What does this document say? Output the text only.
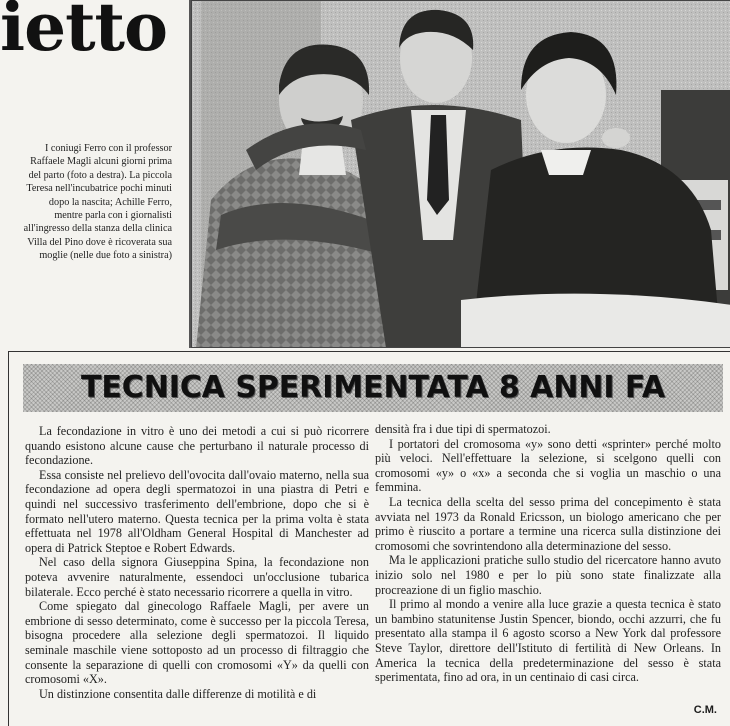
ietto

I coniugi Ferro con il professor Raffaele Magli alcuni giorni prima del parto (foto a destra). La piccola Teresa nell'incubatrice pochi minuti dopo la nascita; Achille Ferro, mentre parla con i giornalisti all'ingresso della stanza della clinica Villa del Pino dove è ricoverata sua moglie (nelle due foto a sinistra)

TECNICA SPERIMENTATA 8 ANNI FA

La fecondazione in vitro è uno dei metodi a cui si può ricorrere quando esistono alcune cause che perturbano il naturale processo di fecondazione.

Essa consiste nel prelievo dell'ovocita dall'ovaio materno, nella sua fecondazione ad opera degli spermatozoi in una piastra di Petri e quindi nel successivo trasferimento dell'embrione, dopo che si è formato nell'utero materno. Questa tecnica per la prima volta è stata effettuata nel 1978 all'Oldham General Hospital di Manchester ad opera di Patrick Steptoe e Robert Edwards.

Nel caso della signora Giuseppina Spina, la fecondazione non poteva avvenire naturalmente, essendoci un'occlusione tubarica bilaterale. Ecco perché è stato necessario ricorrere a quella in vitro.

Come spiegato dal ginecologo Raffaele Magli, per avere un embrione di sesso determinato, come è successo per la piccola Teresa, bisogna procedere alla selezione degli spermatozoi. Il liquido seminale maschile viene sottoposto ad un processo di filtraggio che consente la separazione di quelli con cromosomi «Y» da quelli con cromosomi «X».

Un distinzione consentita dalle differenze di motilità e di

densità fra i due tipi di spermatozoi.

I portatori del cromosoma «y» sono detti «sprinter» perché molto più veloci. Nell'effettuare la selezione, si scelgono quelli con cromosomi «y» o «x» a seconda che si voglia un maschio o una femmina.

La tecnica della scelta del sesso prima del concepimento è stata avviata nel 1973 da Ronald Ericsson, un biologo americano che per primo è riuscito a portare a termine una ricerca sulla distinzione dei cromosomi che sovrintendono alla determinazione del sesso.

Ma le applicazioni pratiche sullo studio del ricercatore hanno avuto inizio solo nel 1980 e per lo più sono state finalizzate alla procreazione di un figlio maschio.

Il primo al mondo a venire alla luce grazie a questa tecnica è stato un bambino statunitense Justin Spencer, biondo, occhi azzurri, che fu presentato alla stampa il 6 agosto scorso a New York dal professore Steve Taylor, direttore dell'Istituto di fertilità di New Orleans. In America la tecnica della predeterminazione del sesso è stata sperimentata, fino ad ora, in un centinaio di casi circa.

C.M.
